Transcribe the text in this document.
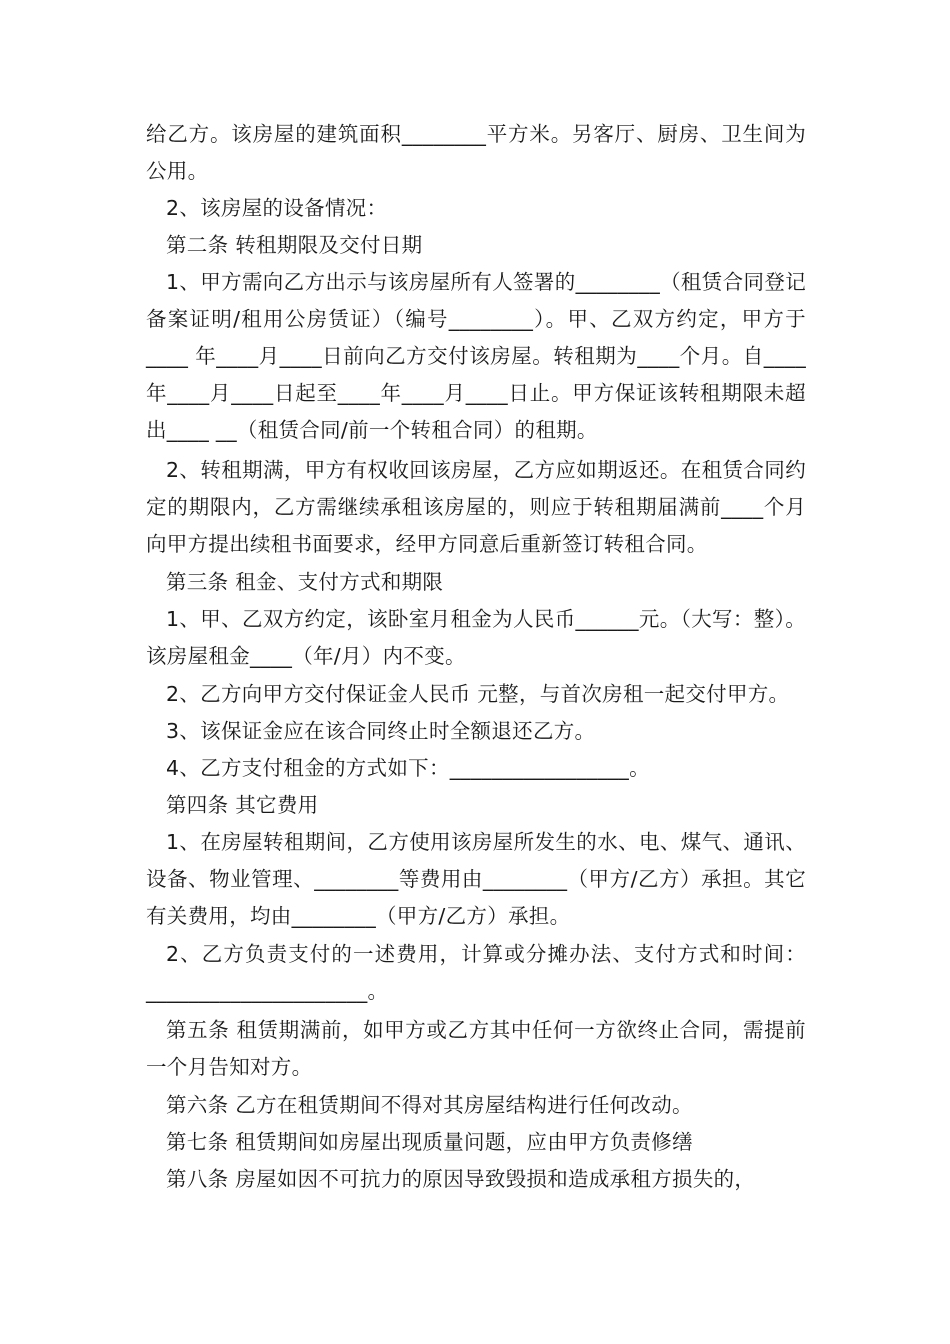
给乙方。该房屋的建筑面积________平方米。另客厅、厨房、卫生间为公用。

2、该房屋的设备情况：

第二条 转租期限及交付日期

1、甲方需向乙方出示与该房屋所有人签署的________（租赁合同登记备案证明/租用公房赁证）（编号________）。甲、乙双方约定，甲方于____ 年____月____日前向乙方交付该房屋。转租期为____个月。自____年____月____日起至____年____月____日止。甲方保证该转租期限未超出____ __（租赁合同/前一个转租合同）的租期。

2、转租期满，甲方有权收回该房屋，乙方应如期返还。在租赁合同约定的期限内，乙方需继续承租该房屋的，则应于转租期届满前____个月向甲方提出续租书面要求，经甲方同意后重新签订转租合同。

第三条 租金、支付方式和期限

1、甲、乙双方约定，该卧室月租金为人民币______元。（大写：整）。该房屋租金____（年/月）内不变。

2、乙方向甲方交付保证金人民币 元整，与首次房租一起交付甲方。

3、该保证金应在该合同终止时全额退还乙方。

4、乙方支付租金的方式如下：_________________。

第四条 其它费用

1、在房屋转租期间，乙方使用该房屋所发生的水、电、煤气、通讯、设备、物业管理、________等费用由________（甲方/乙方）承担。其它有关费用，均由________（甲方/乙方）承担。

2、乙方负责支付的一述费用，计算或分摊办法、支付方式和时间：_____________________。

第五条 租赁期满前，如甲方或乙方其中任何一方欲终止合同，需提前一个月告知对方。

第六条 乙方在租赁期间不得对其房屋结构进行任何改动。

第七条 租赁期间如房屋出现质量问题，应由甲方负责修缮

第八条 房屋如因不可抗力的原因导致毁损和造成承租方损失的，
